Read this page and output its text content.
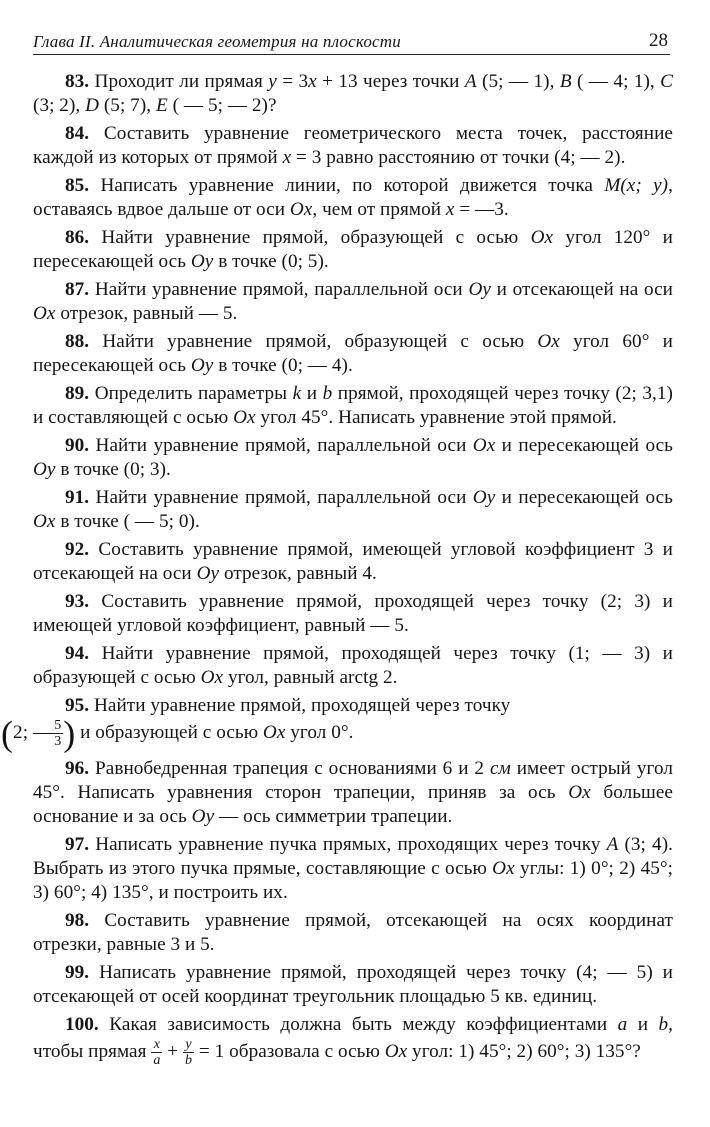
Глава II. Аналитическая геометрия на плоскости	28

83. Проходит ли прямая y = 3x + 13 через точки A (5; — 1), B ( — 4; 1), C (3; 2), D (5; 7), E ( — 5; — 2)?

84. Составить уравнение геометрического места точек, расстояние каждой из которых от прямой x = 3 равно расстоянию от точки (4; — 2).

85. Написать уравнение линии, по которой движется точка M(x; y), оставаясь вдвое дальше от оси Ox, чем от прямой x = —3.

86. Найти уравнение прямой, образующей с осью Ox угол 120° и пересекающей ось Oy в точке (0; 5).

87. Найти уравнение прямой, параллельной оси Oy и отсекающей на оси Ox отрезок, равный — 5.

88. Найти уравнение прямой, образующей с осью Ox угол 60° и пересекающей ось Oy в точке (0; — 4).

89. Определить параметры k и b прямой, проходящей через точку (2; 3,1) и составляющей с осью Ox угол 45°. Написать уравнение этой прямой.

90. Найти уравнение прямой, параллельной оси Ox и пересекающей ось Oy в точке (0; 3).

91. Найти уравнение прямой, параллельной оси Oy и пересекающей ось Ox в точке ( — 5; 0).

92. Составить уравнение прямой, имеющей угловой коэффициент 3 и отсекающей на оси Oy отрезок, равный 4.

93. Составить уравнение прямой, проходящей через точку (2; 3) и имеющей угловой коэффициент, равный — 5.

94. Найти уравнение прямой, проходящей через точку (1; — 3) и образующей с осью Ox угол, равный arctg 2.

95. Найти уравнение прямой, проходящей через точку
(2; — $\frac{5}{3}$ ) и образующей с осью Ox угол 0°.

96. Равнобедренная трапеция с основаниями 6 и 2 см имеет острый угол 45°. Написать уравнения сторон трапеции, приняв за ось Ox большее основание и за ось Oy — ось симметрии трапеции.

97. Написать уравнение пучка прямых, проходящих через точку A (3; 4). Выбрать из этого пучка прямые, составляющие с осью Ox углы: 1) 0°; 2) 45°; 3) 60°; 4) 135°, и построить их.

98. Составить уравнение прямой, отсекающей на осях координат отрезки, равные 3 и 5.

99. Написать уравнение прямой, проходящей через точку (4; — 5) и отсекающей от осей координат треугольник площадью 5 кв. единиц.

100. Какая зависимость должна быть между коэффициентами a и b, чтобы прямая $\frac{x}{a} + \frac{y}{b} = 1$ образовала с осью Ox угол: 1) 45°; 2) 60°; 3) 135°?
